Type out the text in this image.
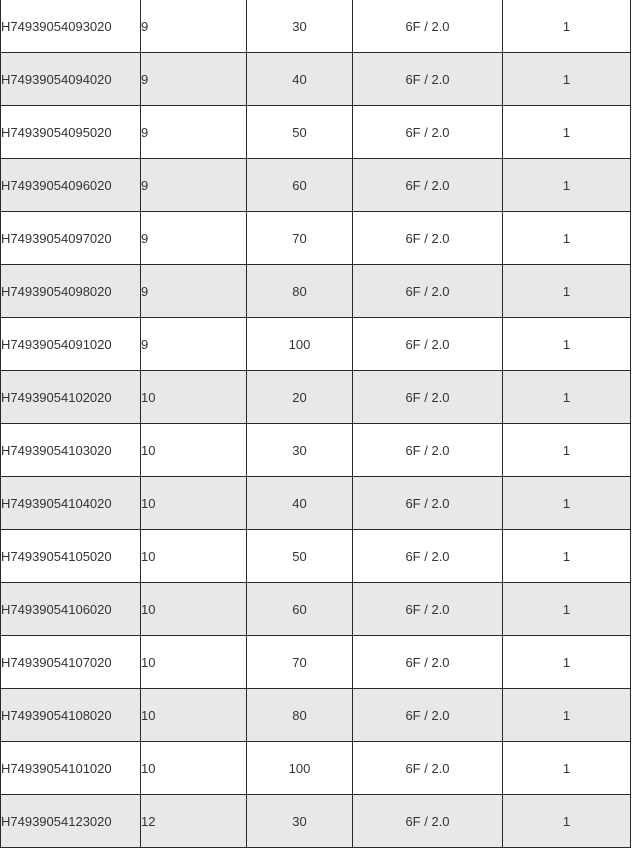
H74939054093020	9	30	6F / 2.0	1
H74939054094020	9	40	6F / 2.0	1
H74939054095020	9	50	6F / 2.0	1
H74939054096020	9	60	6F / 2.0	1
H74939054097020	9	70	6F / 2.0	1
H74939054098020	9	80	6F / 2.0	1
H74939054091020	9	100	6F / 2.0	1
H74939054102020	10	20	6F / 2.0	1
H74939054103020	10	30	6F / 2.0	1
H74939054104020	10	40	6F / 2.0	1
H74939054105020	10	50	6F / 2.0	1
H74939054106020	10	60	6F / 2.0	1
H74939054107020	10	70	6F / 2.0	1
H74939054108020	10	80	6F / 2.0	1
H74939054101020	10	100	6F / 2.0	1
H74939054123020	12	30	6F / 2.0	1
